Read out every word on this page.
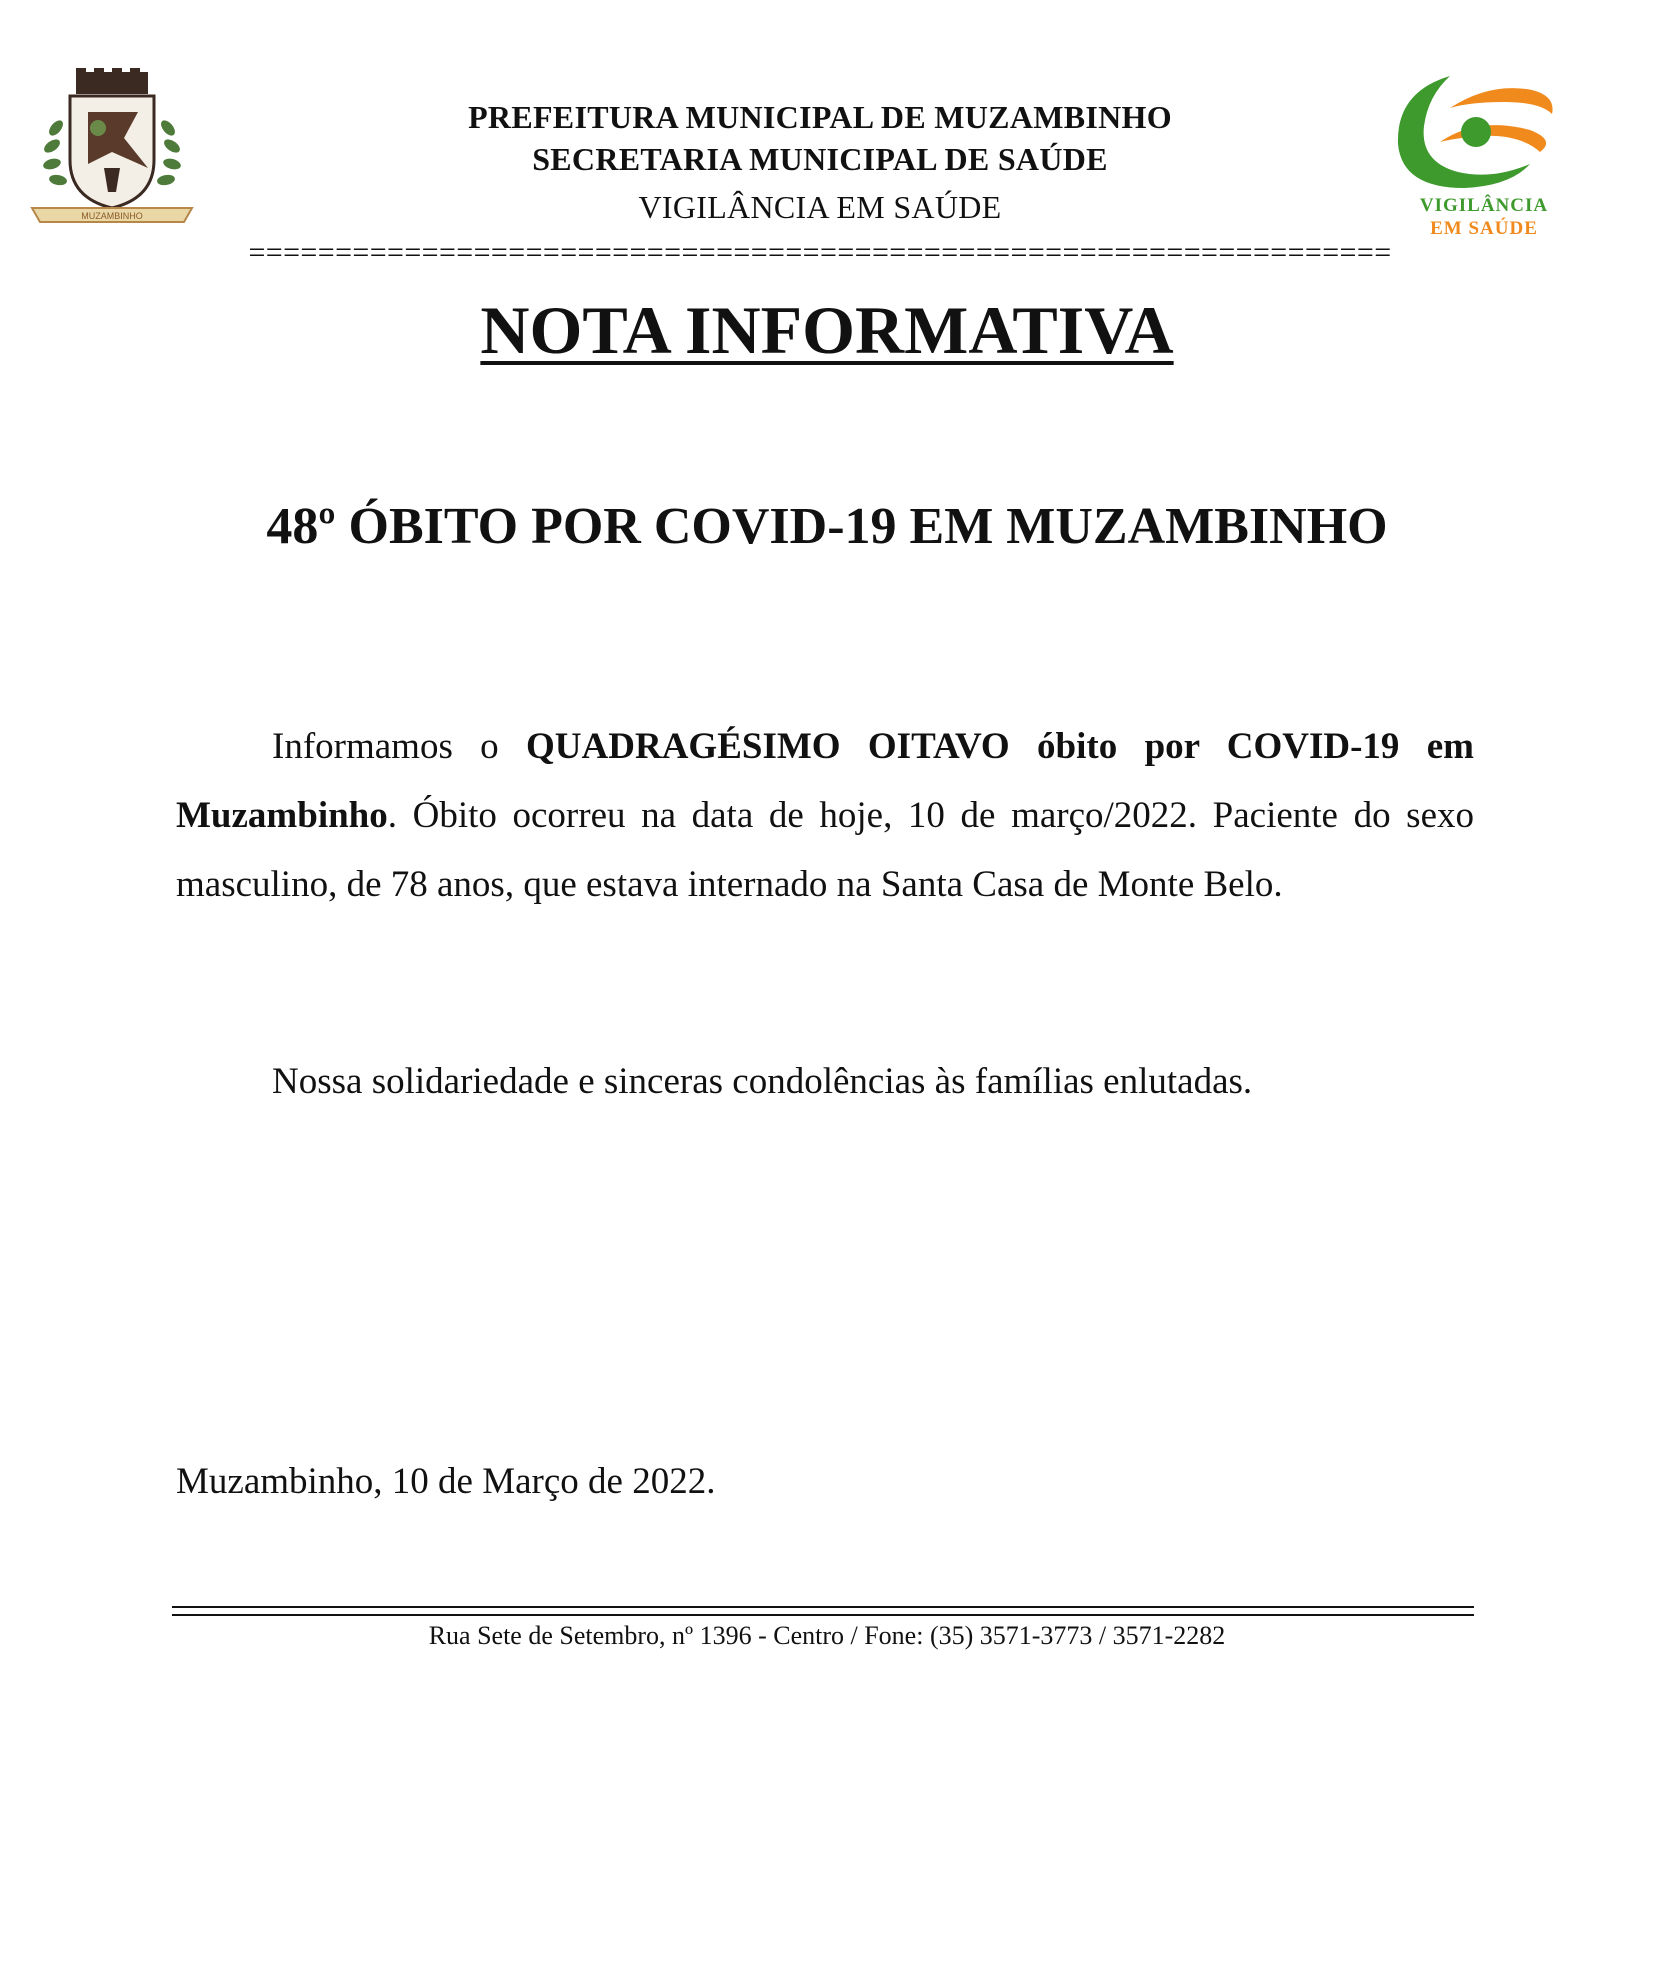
MUZAMBINHO	VIGILÂNCIA
EM SAÚDE
PREFEITURA MUNICIPAL DE MUZAMBINHO
SECRETARIA MUNICIPAL DE SAÚDE
VIGILÂNCIA EM SAÚDE
==================================================================
NOTA INFORMATIVA
48º ÓBITO POR COVID-19 EM MUZAMBINHO
Informamos o QUADRAGÉSIMO OITAVO óbito por COVID-19 em Muzambinho. Óbito ocorreu na data de hoje, 10 de março/2022. Paciente do sexo masculino, de 78 anos, que estava internado na Santa Casa de Monte Belo.
Nossa solidariedade e sinceras condolências às famílias enlutadas.
Muzambinho, 10 de Março de 2022.
Rua Sete de Setembro, nº 1396 - Centro / Fone: (35) 3571-3773 / 3571-2282
